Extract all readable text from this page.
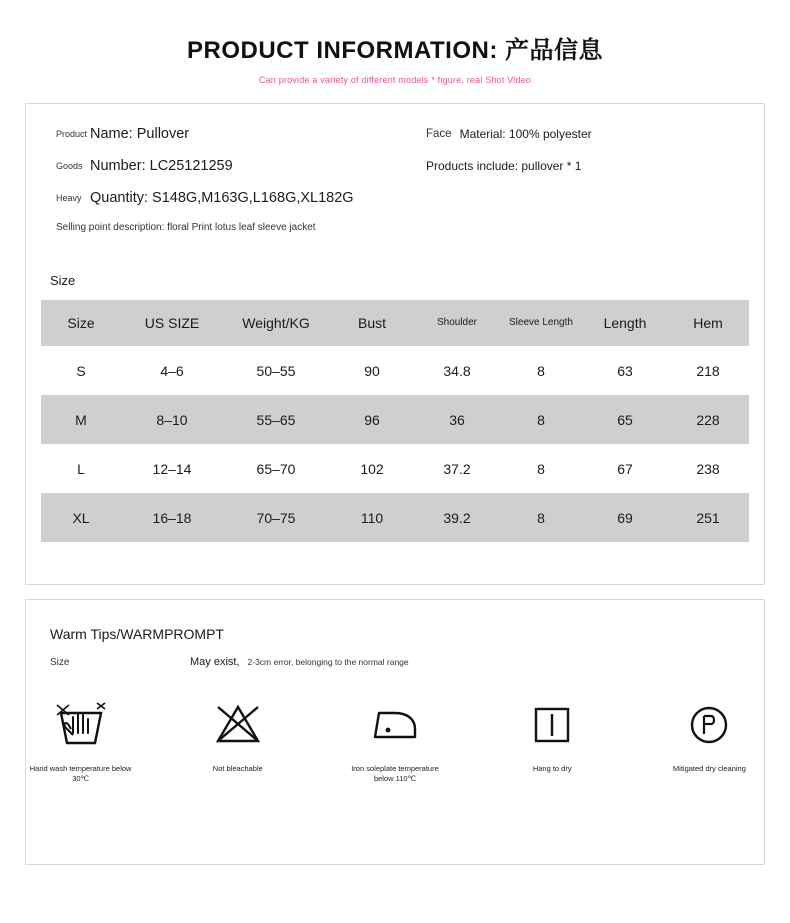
PRODUCT INFORMATION: 产品信息
Can provide a variety of different models * figure, real Shot Video
Product Name: Pullover	Face Material: 100% polyester
Goods Number: LC25121259	Products include: pullover * 1
Heavy Quantity: S148G,M163G,L168G,XL182G
Selling point description: floral Print lotus leaf sleeve jacket
Size
Size	US SIZE	Weight/KG	Bust	Shoulder	Sleeve Length	Length	Hem
S	4–6	50–55	90	34.8	8	63	218
M	8–10	55–65	96	36	8	65	228
L	12–14	65–70	102	37.2	8	67	238
XL	16–18	70–75	110	39.2	8	69	251
Warm Tips/WARMPROMPT
Size	May exist, 2-3cm error, belonging to the normal range
Hand wash temperature below 30℃
Not bleachable	Iron soleplate temperature below 110℃
Hang to dry	Mitigated dry cleaning
